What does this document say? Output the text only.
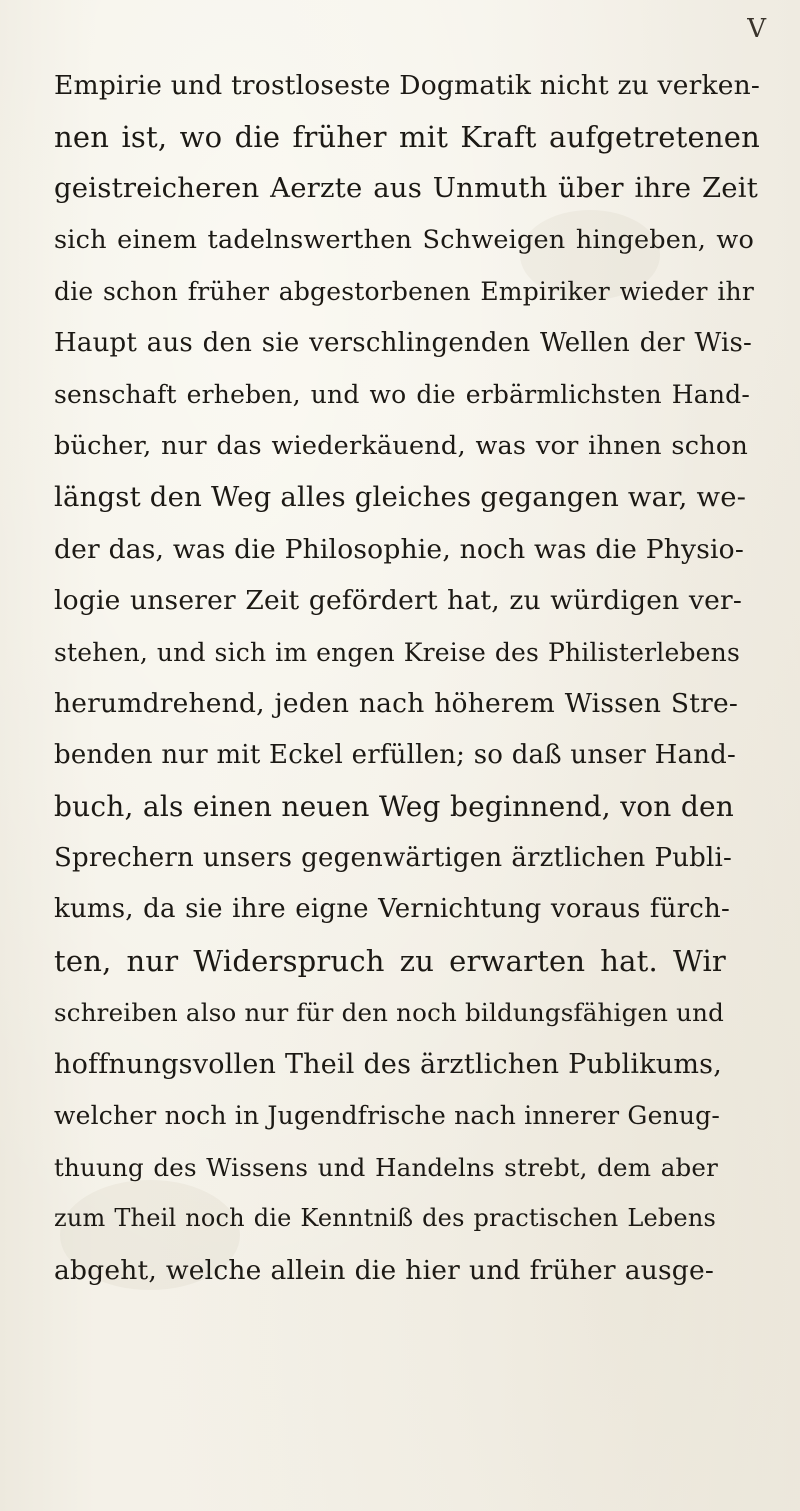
V

Empirie und trostloseste Dogmatik nicht zu verken-

nen ist, wo die früher mit Kraft aufgetretenen

geistreicheren Aerzte aus Unmuth über ihre Zeit

sich einem tadelnswerthen Schweigen hingeben, wo

die schon früher abgestorbenen Empiriker wieder ihr

Haupt aus den sie verschlingenden Wellen der Wis-

senschaft erheben, und wo die erbärmlichsten Hand-

bücher, nur das wiederkäuend, was vor ihnen schon

längst den Weg alles gleiches gegangen war, we-

der das, was die Philosophie, noch was die Physio-

logie unserer Zeit gefördert hat, zu würdigen ver-

stehen, und sich im engen Kreise des Philisterlebens

herumdrehend, jeden nach höherem Wissen Stre-

benden nur mit Eckel erfüllen; so daß unser Hand-

buch, als einen neuen Weg beginnend, von den

Sprechern unsers gegenwärtigen ärztlichen Publi-

kums, da sie ihre eigne Vernichtung voraus fürch-

ten, nur Widerspruch zu erwarten hat. Wir

schreiben also nur für den noch bildungsfähigen und

hoffnungsvollen Theil des ärztlichen Publikums,

welcher noch in Jugendfrische nach innerer Genug-

thuung des Wissens und Handelns strebt, dem aber

zum Theil noch die Kenntniß des practischen Lebens

abgeht, welche allein die hier und früher ausge-
